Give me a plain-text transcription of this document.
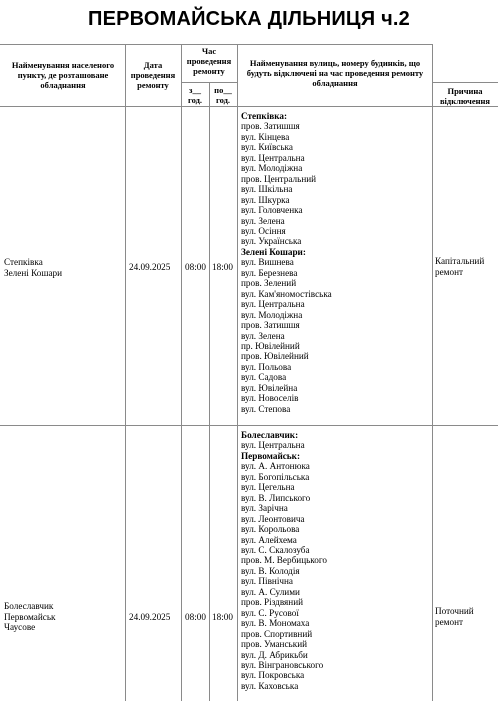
ПЕРВОМАЙСЬКА ДІЛЬНИЦЯ ч.2
Найменування населеного пункту, де розташоване обладнання
Дата проведення ремонту
Час проведення ремонту
з__ год.
по__ год.
Найменування вулиць, номеру будинків, що будуть відключені на час проведення ремонту обладнання
Причина відключення
Степківка
Зелені Кошари
24.09.2025 08:00 18:00
Капітальний
ремонт
Степківка:
пров. Затишшя
вул. Кінцева
вул. Київська
вул. Центральна
вул. Молодіжна
пров. Центральний
вул. Шкільна
вул. Шкурка
вул. Головченка
вул. Зелена
вул. Осіння
вул. Українська
Зелені Кошари:
вул. Вишнева
вул. Березнева
пров. Зелений
вул. Кам'яномостівська
вул. Центральна
вул. Молодіжна
пров. Затишшя
вул. Зелена
пр. Ювілейний
пров. Ювілейний
вул. Польова
вул. Садова
вул. Ювілейна
вул. Новоселів
вул. Степова
Болеславчик
Первомайськ
Чаусове
24.09.2025 08:00 18:00
Поточний
ремонт
Болеславчик:
вул. Центральна
Первомайськ:
вул. А. Антонюка
вул. Богопільська
вул. Цегельна
вул. В. Липського
вул. Зарічна
вул. Леонтовича
вул. Корольова
вул. Алейхема
вул. С. Скалозуба
пров. М. Вербицького
вул. В. Колодія
вул. Північна
вул. А. Сулими
пров. Різдвяний
вул. С. Русової
вул. В. Мономаха
пров. Спортивний
пров. Уманський
вул. Д. Абрикьби
вул. Вінграновського
вул. Покровська
вул. Каховська
